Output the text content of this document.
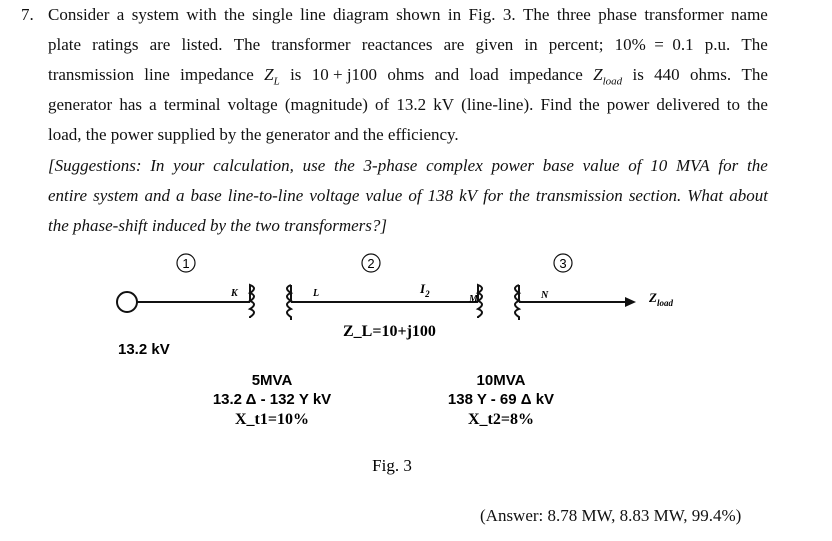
7. Consider a system with the single line diagram shown in Fig. 3. The three phase transformer name
plate ratings are listed. The transformer reactances are given in percent; 10%  =  0.1 p.u. The
transmission line impedance $Z_L$ is 10 + j100 ohms and load impedance $Z_{load}$ is 440 ohms. The
generator has a terminal voltage (magnitude) of 13.2 kV (line-line). Find the power delivered to the
load, the power supplied by the generator and the efficiency.
[Suggestions: In your calculation, use the 3-phase complex power base value of 10 MVA for the
entire system and a base line-to-line voltage value of 138 kV for the transmission section. What about
the phase-shift induced by the two transformers?]
1	2	3
K	L
M	N
$I_2$
Z_L=10+j100
$Z_{load}$
13.2 kV
5MVA
13.2 Δ - 132 Y kV
X_t1=10%
10MVA
138 Y - 69 Δ kV
X_t2=8%
Fig. 3
(Answer: 8.78 MW, 8.83 MW, 99.4%)
